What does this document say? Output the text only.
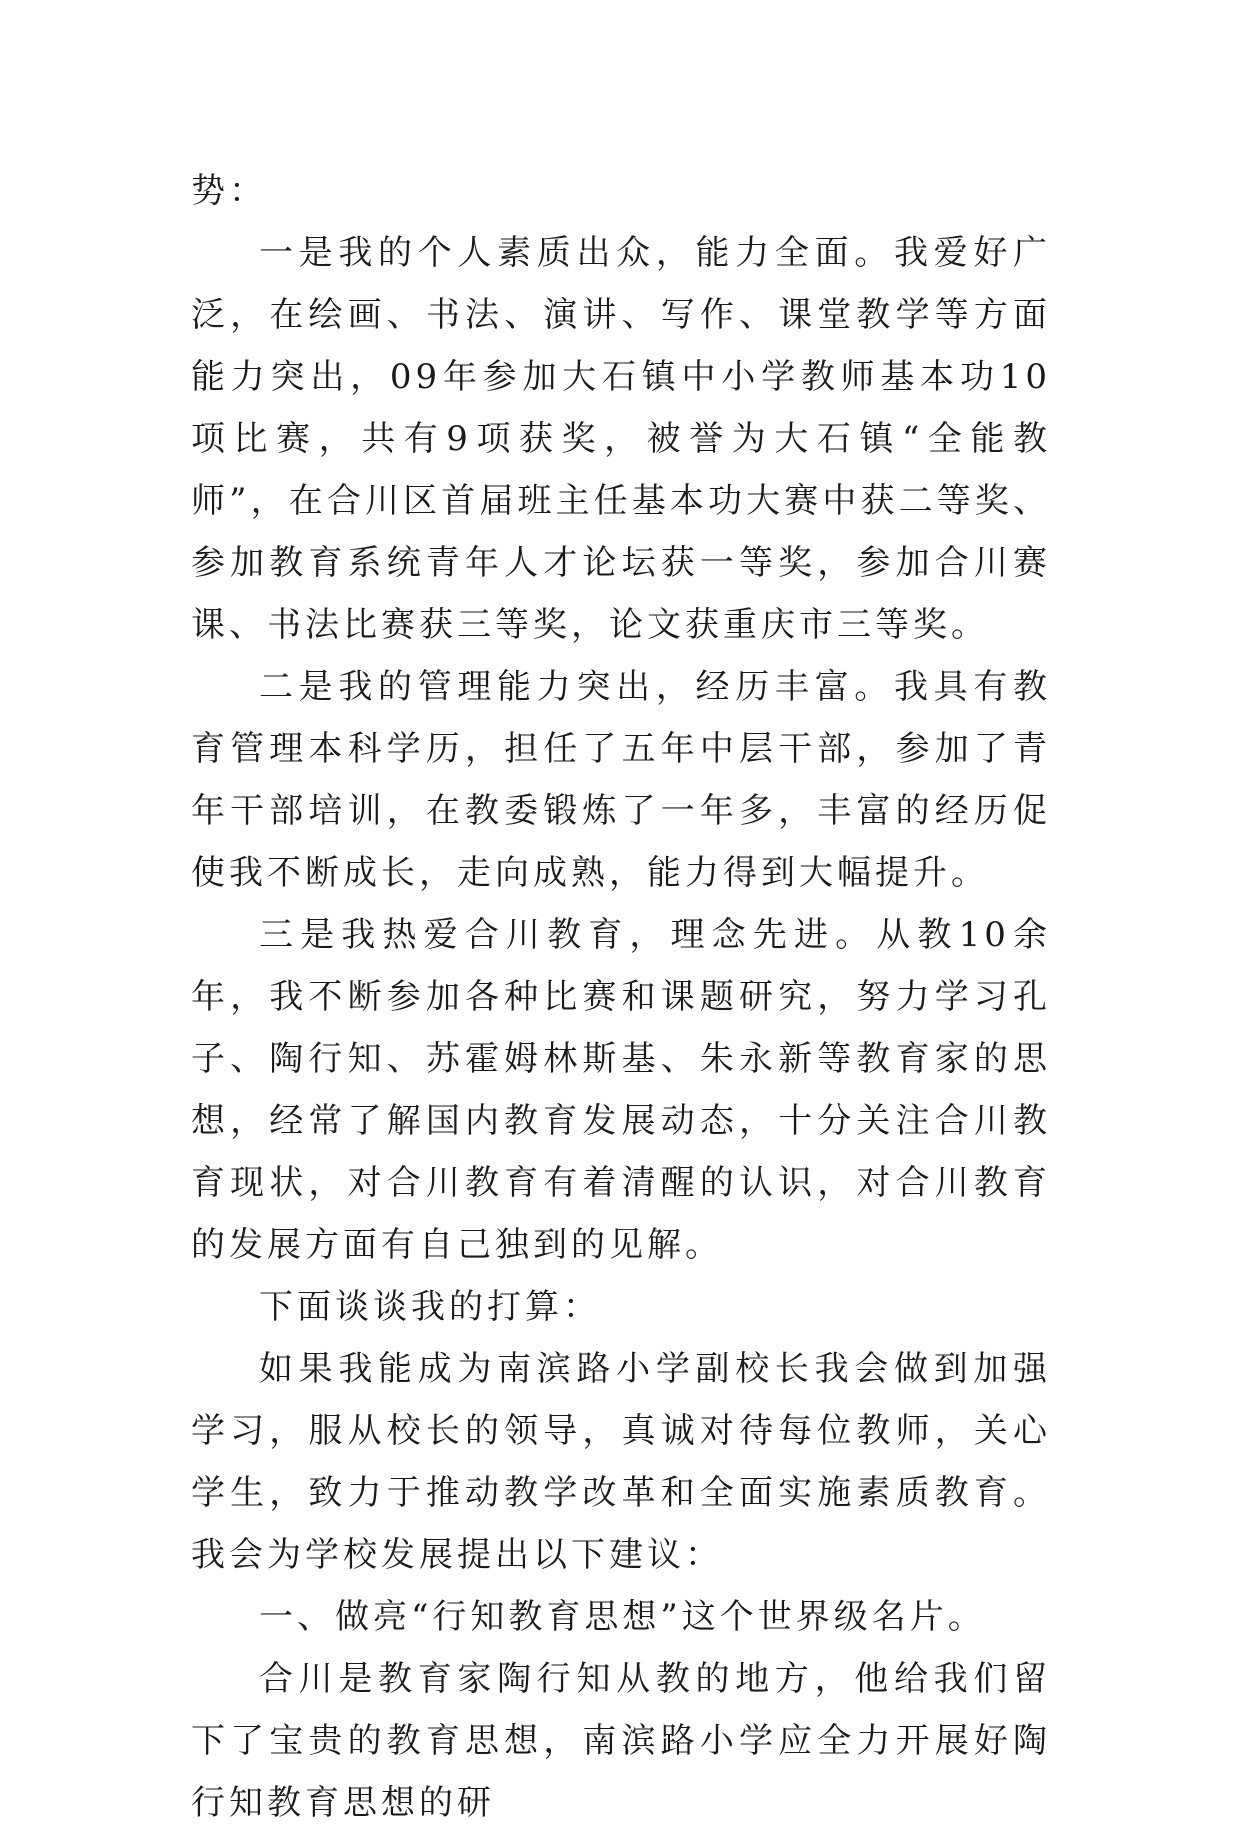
势：

一是我的个人素质出众，能力全面。我爱好广泛，在绘画、书法、演讲、写作、课堂教学等方面能力突出，09年参加大石镇中小学教师基本功10项比赛，共有9项获奖，被誉为大石镇“全能教师”，在合川区首届班主任基本功大赛中获二等奖、参加教育系统青年人才论坛获一等奖，参加合川赛课、书法比赛获三等奖，论文获重庆市三等奖。

二是我的管理能力突出，经历丰富。我具有教育管理本科学历，担任了五年中层干部，参加了青年干部培训，在教委锻炼了一年多，丰富的经历促使我不断成长，走向成熟，能力得到大幅提升。

三是我热爱合川教育，理念先进。从教10余年，我不断参加各种比赛和课题研究，努力学习孔子、陶行知、苏霍姆林斯基、朱永新等教育家的思想，经常了解国内教育发展动态，十分关注合川教育现状，对合川教育有着清醒的认识，对合川教育的发展方面有自己独到的见解。

下面谈谈我的打算：

如果我能成为南滨路小学副校长我会做到加强学习，服从校长的领导，真诚对待每位教师，关心学生，致力于推动教学改革和全面实施素质教育。我会为学校发展提出以下建议：

一、做亮“行知教育思想”这个世界级名片。

合川是教育家陶行知从教的地方，他给我们留下了宝贵的教育思想，南滨路小学应全力开展好陶行知教育思想的研
